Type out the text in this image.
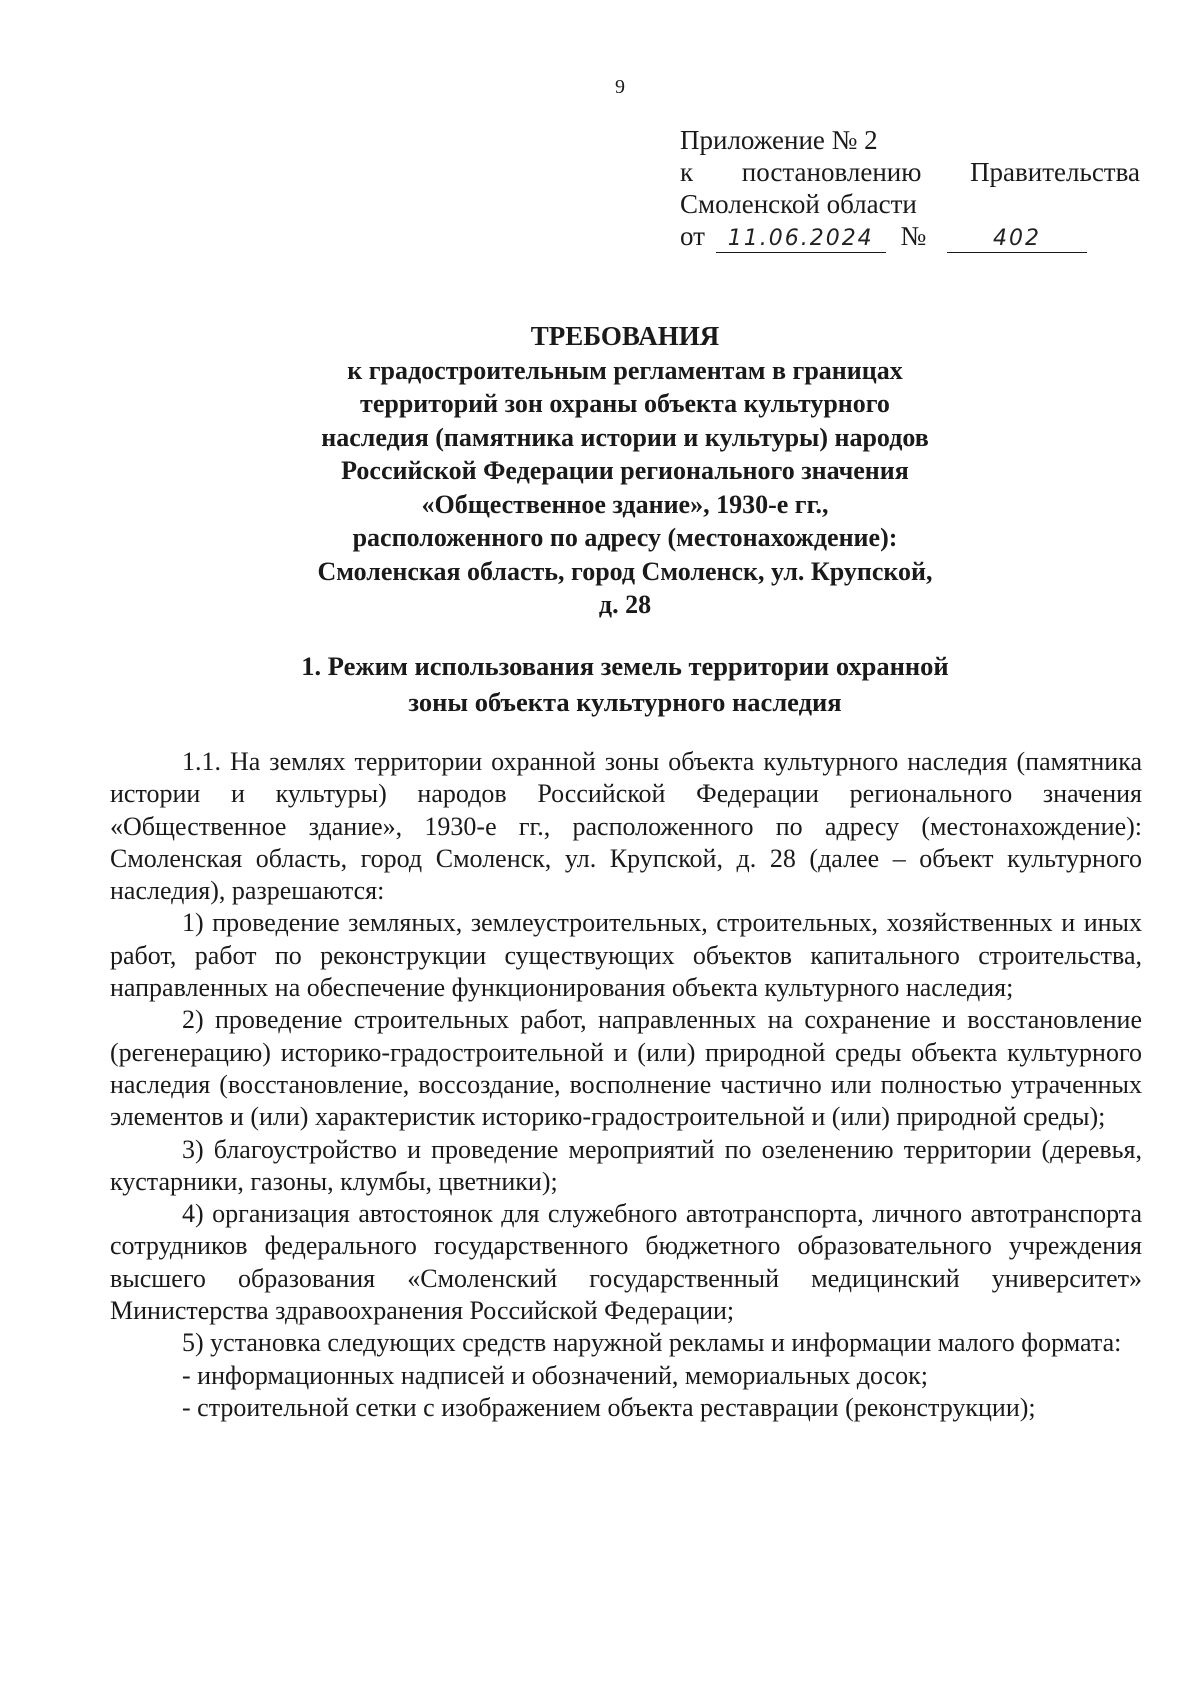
9
Приложение № 2
к постановлению Правительства
Смоленской области
от 11.06.2024 №	402
ТРЕБОВАНИЯ
к градостроительным регламентам в границах
территорий зон охраны объекта культурного
наследия (памятника истории и культуры) народов
Российской Федерации регионального значения
«Общественное здание», 1930-е гг.,
расположенного по адресу (местонахождение):
Смоленская область, город Смоленск, ул. Крупской,
д. 28
1. Режим использования земель территории охранной
зоны объекта культурного наследия

1.1. На землях территории охранной зоны объекта культурного наследия (памятника истории и культуры) народов Российской Федерации регионального значения «Общественное здание», 1930-е гг., расположенного по адресу (местонахождение): Смоленская область, город Смоленск, ул. Крупской, д. 28 (далее – объект культурного наследия), разрешаются:

1) проведение земляных, землеустроительных, строительных, хозяйственных и иных работ, работ по реконструкции существующих объектов капитального строительства, направленных на обеспечение функционирования объекта культурного наследия;

2) проведение строительных работ, направленных на сохранение и восстановление (регенерацию) историко-градостроительной и (или) природной среды объекта культурного наследия (восстановление, воссоздание, восполнение частично или полностью утраченных элементов и (или) характеристик историко-градостроительной и (или) природной среды);

3) благоустройство и проведение мероприятий по озеленению территории (деревья, кустарники, газоны, клумбы, цветники);

4) организация автостоянок для служебного автотранспорта, личного автотранспорта сотрудников федерального государственного бюджетного образовательного учреждения высшего образования «Смоленский государственный медицинский университет» Министерства здравоохранения Российской Федерации;

5) установка следующих средств наружной рекламы и информации малого формата:

- информационных надписей и обозначений, мемориальных досок;

- строительной сетки с изображением объекта реставрации (реконструкции);
